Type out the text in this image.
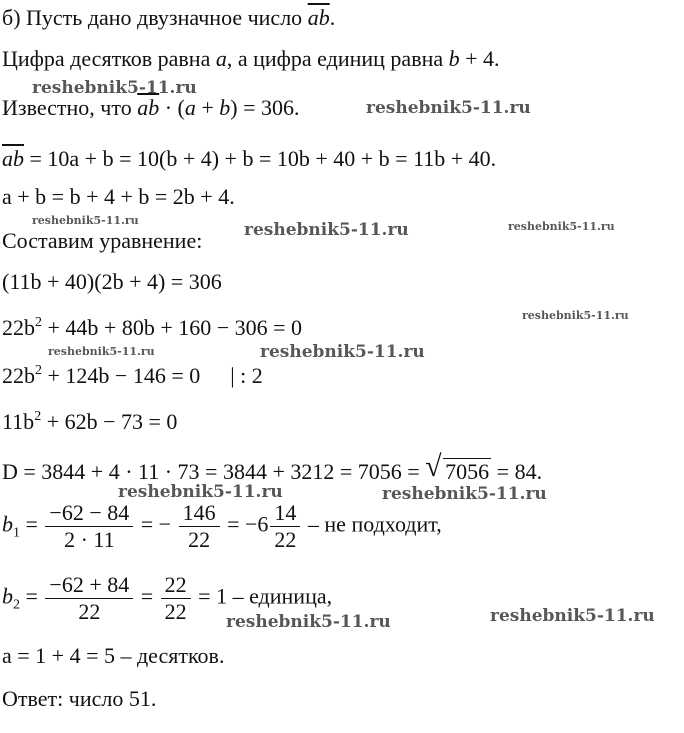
б) Пусть дано двузначное число $\overline{ab}$.
Цифра десятков равна a, а цифра единиц равна b + 4.
Известно, что $\overline{ab} \cdot (a + b) = 306$.
$\overline{ab} = 10a + b = 10(b + 4) + b = 10b + 40 + b = 11b + 40$.
a + b = b + 4 + b = 2b + 4.
Составим уравнение:
(11b + 40)(2b + 4) = 306
$22b^2 + 44b + 80b + 160 - 306 = 0$
$22b^2 + 124b - 146 = 0$ | : 2
$11b^2 + 62b - 73 = 0$
D = 3844 + 4 · 11 · 73 = 3844 + 3212 = 7056 = √ 7056 = 84.
$b_1 = \frac{-62 - 84}{2 \cdot 11}$ = − $\frac{146}{22} = -6 \frac{14}{22}$ – не подходит,
$b_2 = \frac{-62 + 84}{22} = \frac{22}{22} = 1$ – единица,
a = 1 + 4 = 5 – десятков.
Ответ: число 51.
reshebnik5-11.ru
reshebnik5-11.ru
reshebnik5-11.ru	reshebnik5-11.ru	reshebnik5-11.ru
reshebnik5-11.ru
reshebnik5-11.ru	reshebnik5-11.ru
reshebnik5-11.ru	reshebnik5-11.ru
reshebnik5-11.ru	reshebnik5-11.ru
